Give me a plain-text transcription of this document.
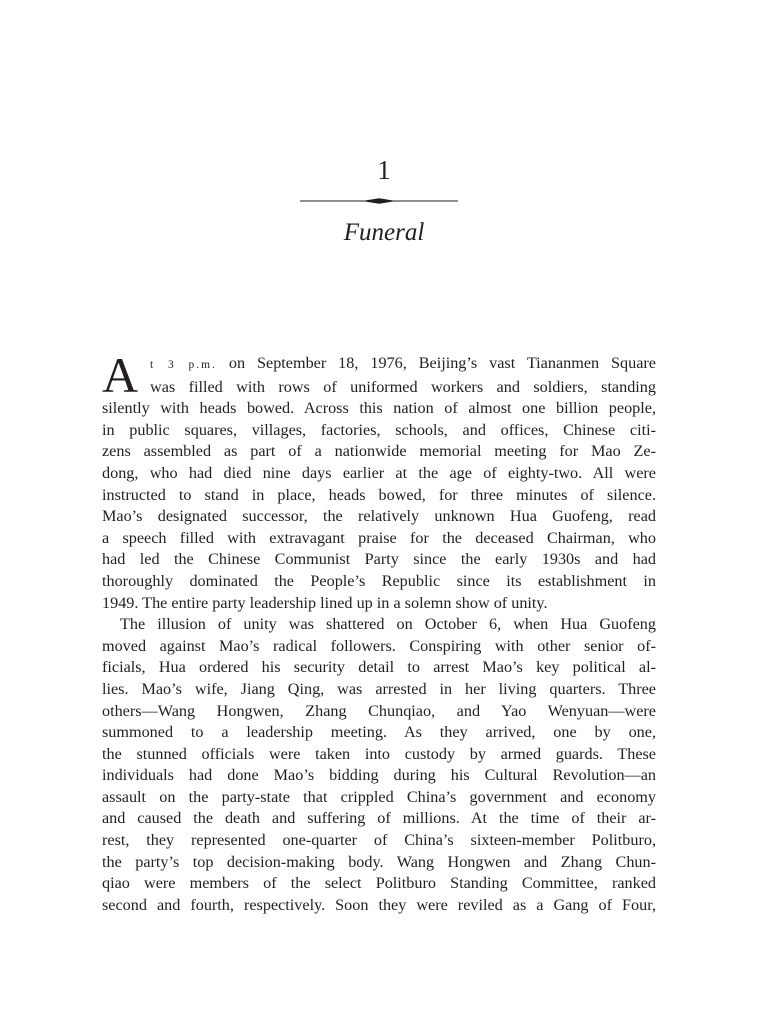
1
Funeral
A	t 3 p.m. on September 18, 1976, Beijing’s vast Tiananmen Square
was filled with rows of uniformed workers and soldiers, standing
silently with heads bowed. Across this nation of almost one billion people,
in public squares, villages, factories, schools, and offices, Chinese citi-
zens assembled as part of a nationwide memorial meeting for Mao Ze-
dong, who had died nine days earlier at the age of eighty-two. All were
instructed to stand in place, heads bowed, for three minutes of silence.
Mao’s designated successor, the relatively unknown Hua Guofeng, read
a speech filled with extravagant praise for the deceased Chairman, who
had led the Chinese Communist Party since the early 1930s and had
thoroughly dominated the People’s Republic since its establishment in
1949. The entire party leadership lined up in a solemn show of unity.

The illusion of unity was shattered on October 6, when Hua Guofeng
moved against Mao’s radical followers. Conspiring with other senior of-
ficials, Hua ordered his security detail to arrest Mao’s key political al-
lies. Mao’s wife, Jiang Qing, was arrested in her living quarters. Three
others—Wang Hongwen, Zhang Chunqiao, and Yao Wenyuan—were
summoned to a leadership meeting. As they arrived, one by one,
the stunned officials were taken into custody by armed guards. These
individuals had done Mao’s bidding during his Cultural Revolution—an
assault on the party-state that crippled China’s government and economy
and caused the death and suffering of millions. At the time of their ar-
rest, they represented one-quarter of China’s sixteen-member Politburo,
the party’s top decision-making body. Wang Hongwen and Zhang Chun-
qiao were members of the select Politburo Standing Committee, ranked
second and fourth, respectively. Soon they were reviled as a Gang of Four,
